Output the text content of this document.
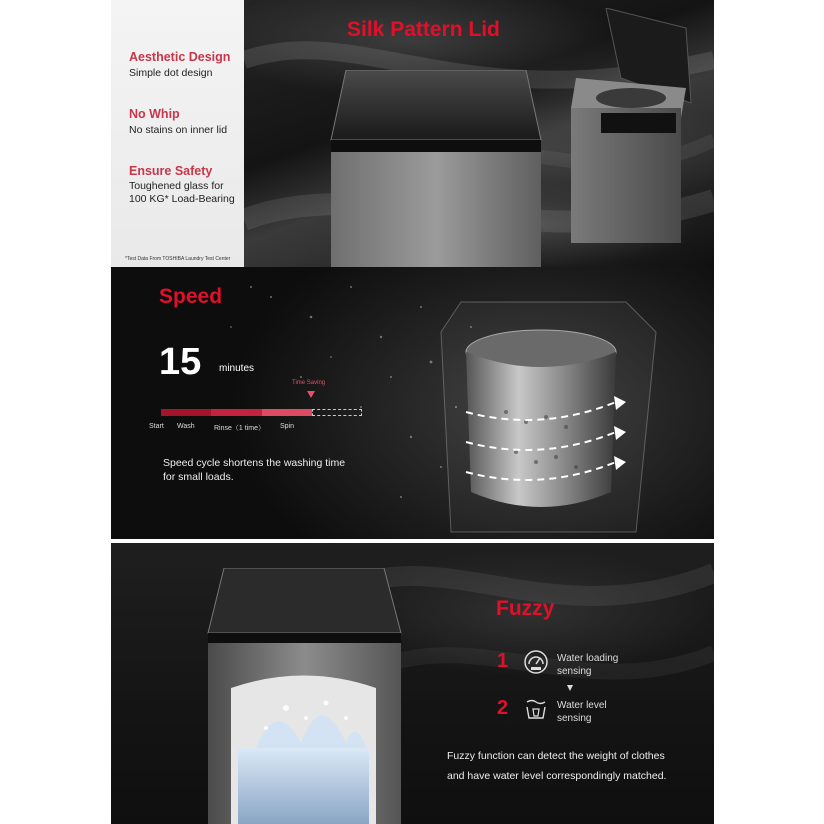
Aesthetic Design
Simple dot design
No Whip
No stains on inner lid
Ensure Safety
Toughened glass for
100 KG* Load-Bearing
*Test Data From TOSHIBA Laundry Test Center
Silk Pattern Lid
Speed
15 minutes
Time Saving
Start Wash	Rinse（1 time） Spin
Speed cycle shortens the washing time
for small loads.
Fuzzy
1	Water loading
sensing
2	Water level
sensing
Fuzzy function can detect the weight of clothes
and have water level correspondingly matched.
